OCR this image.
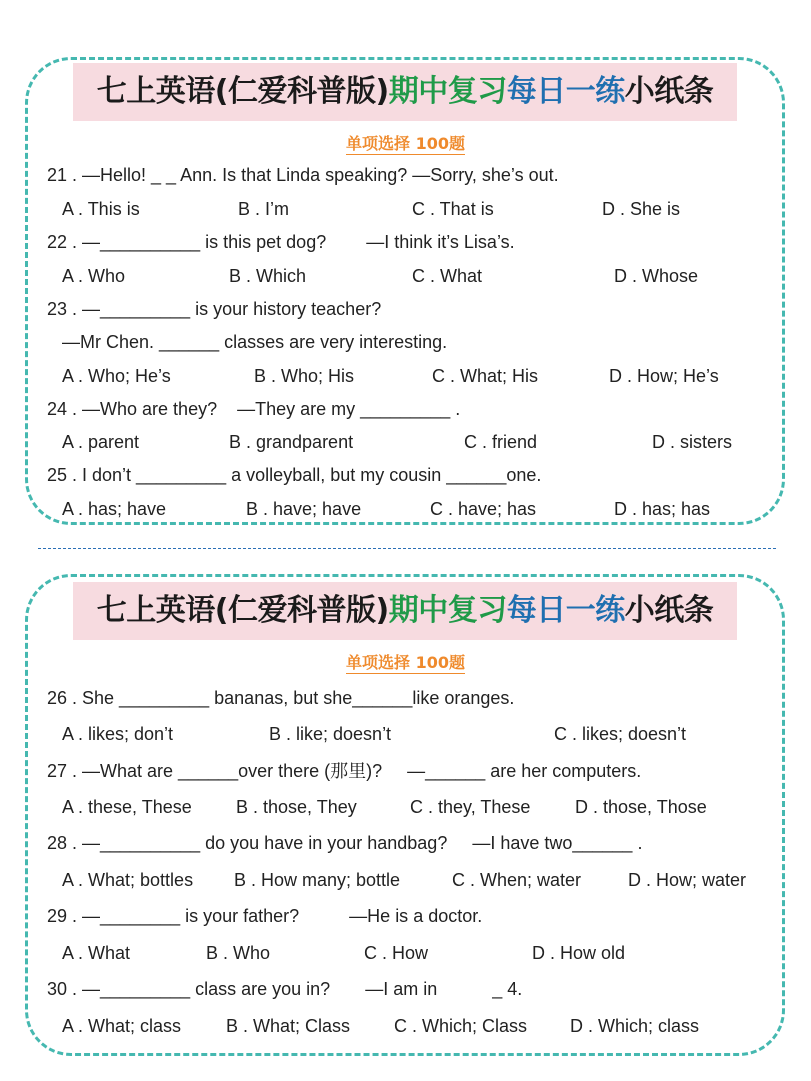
七上英语(仁爱科普版)期中复习每日一练小纸条
单项选择 100题
21 . —Hello! _ _ Ann. Is that Linda speaking? —Sorry, she’s out.
A . This is	B . I’m	C . That is	D . She is
22 . —__________ is this pet dog?        —I think it’s Lisa’s.
A . Who	B . Which	C . What	D . Whose
23 . —_________ is your history teacher?
—Mr Chen. ______ classes are very interesting.
A . Who; He’s	B . Who; His	C . What; His	D . How; He’s
24 . —Who are they?    —They are my _________ .
A . parent	B . grandparent	C . friend	D . sisters
25 . I don’t _________ a volleyball, but my cousin ______one.
A . has; have	B . have; have	C . have; has	D . has; has
七上英语(仁爱科普版)期中复习每日一练小纸条
单项选择 100题
26 . She _________ bananas, but she______like oranges.
A . likes; don’t	B . like; doesn’t	C . likes; doesn’t
27 . —What are ______over there (那里)?     —______ are her computers.
A . these, These B . those, They	C . they, These D . those, Those
28 . —__________ do you have in your handbag?     —I have two______ .
A . What; bottles B . How many; bottle	C . When; water	D . How; water
29 . —________ is your father?          —He is a doctor.
A . What	B . Who	C . How	D . How old
30 . —_________ class are you in?       —I am in           _ 4.
A . What; class B . What; Class C . Which; Class D . Which; class
